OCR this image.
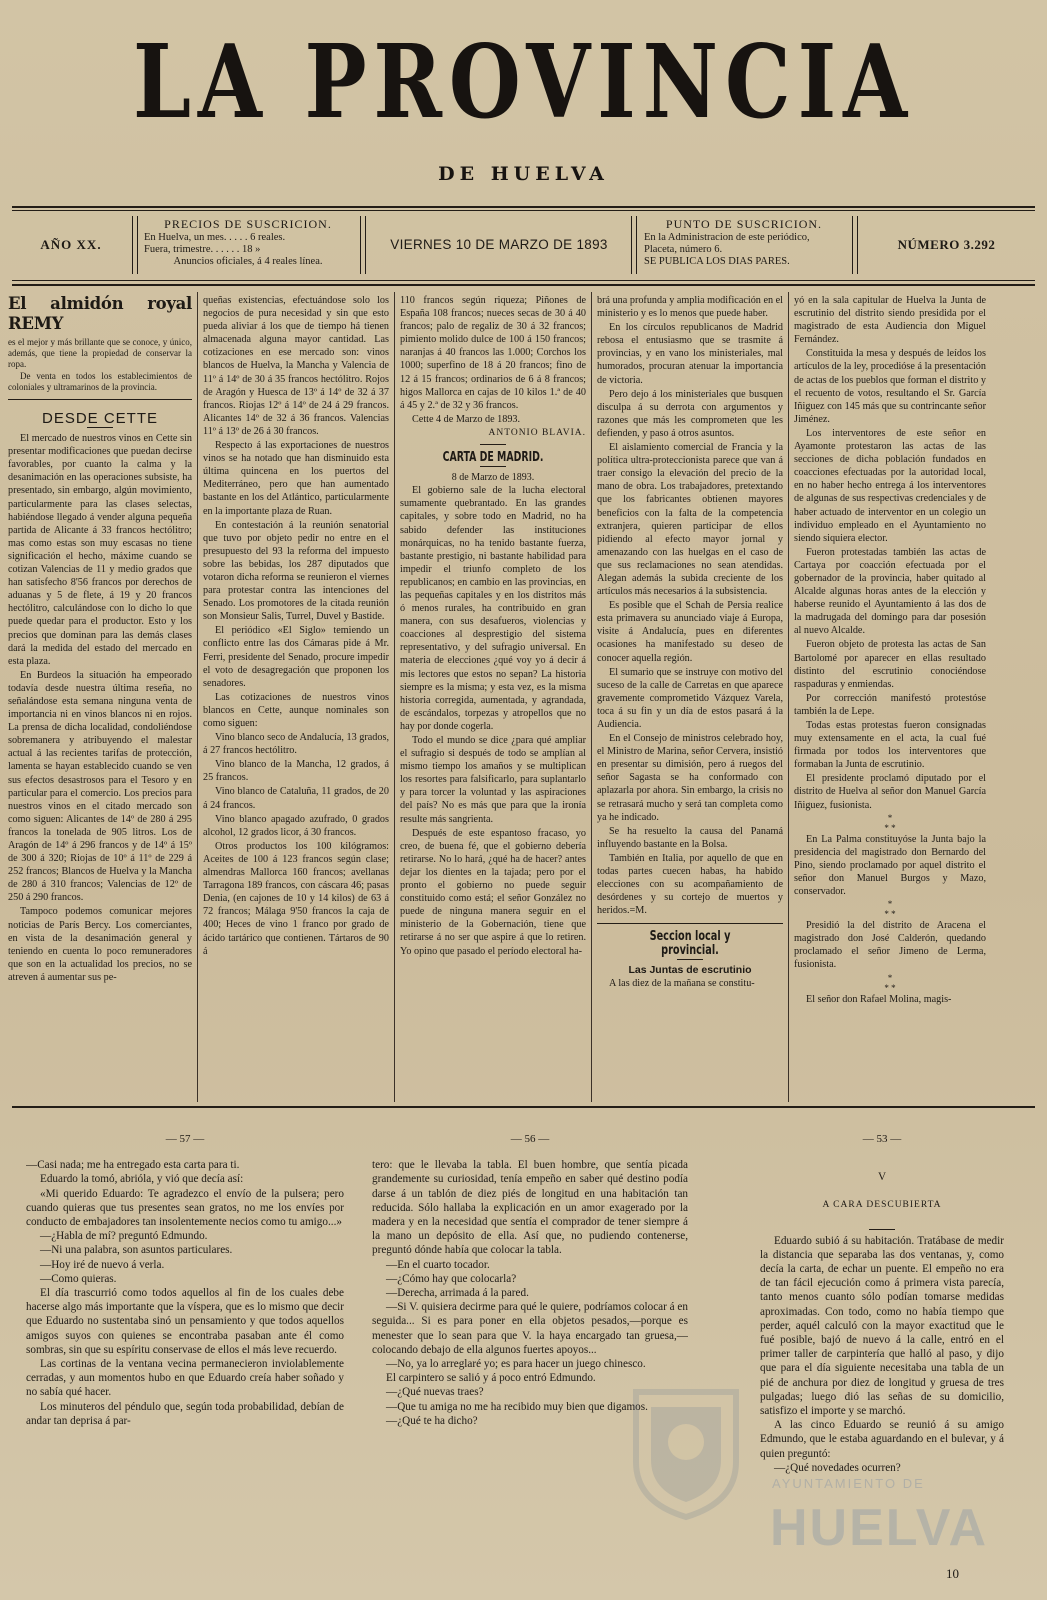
LA PROVINCIA
DE HUELVA
AÑO XX.
PRECIOS DE SUSCRICION.
En Huelva, un mes. . . . . 6 reales.
Fuera, trimestre. . . . . . 18 »
Anuncios oficiales, á 4 reales línea.
VIERNES 10 DE MARZO DE 1893
PUNTO DE SUSCRICION.
En la Administracion de este periódico,
Placeta, número 6.
SE PUBLICA LOS DIAS PARES.
NÚMERO 3.292
El almidón royal REMY

es el mejor y más brillante que se conoce, y único, además, que tiene la propiedad de conservar la ropa.

De venta en todos los establecimientos de coloniales y ultramarinos de la provincia.

DESDE CETTE

El mercado de nuestros vinos en Cette sin presentar modificaciones que puedan decirse favorables, por cuanto la calma y la desanimación en las operaciones subsiste, ha presentado, sin embargo, algún movimiento, particularmente para las clases selectas, habiéndose llegado á vender alguna pequeña partida de Alicante á 33 francos hectólitro; mas como estas son muy escasas no tiene significación el hecho, máxime cuando se cotizan Valencias de 11 y medio grados que han satisfecho 8'56 francos por derechos de aduanas y 5 de flete, á 19 y 20 francos hectólitro, calculándose con lo dicho lo que puede quedar para el productor. Esto y los precios que dominan para las demás clases dará la medida del estado del mercado en esta plaza.

En Burdeos la situación ha empeorado todavía desde nuestra última reseña, no señalándose esta semana ninguna venta de importancia ni en vinos blancos ni en rojos. La prensa de dicha localidad, condoliéndose sobremanera y atribuyendo el malestar actual á las recientes tarifas de protección, lamenta se hayan establecido cuando se ven sus efectos desastrosos para el Tesoro y en particular para el comercio. Los precios para nuestros vinos en el citado mercado son como siguen: Alicantes de 14º de 280 á 295 francos la tonelada de 905 litros. Los de Aragón de 14º á 296 francos y de 14º á 15º de 300 á 320; Riojas de 10º á 11º de 229 á 252 francos; Blancos de Huelva y la Mancha de 280 á 310 francos; Valencias de 12º de 250 á 290 francos.

Tampoco podemos comunicar mejores noticias de París Bercy. Los comerciantes, en vista de la desanimación general y teniendo en cuenta lo poco remuneradores que son en la actualidad los precios, no se atreven á aumentar sus pe-

queñas existencias, efectuándose solo los negocios de pura necesidad y sin que esto pueda aliviar á los que de tiempo há tienen almacenada alguna mayor cantidad. Las cotizaciones en ese mercado son: vinos blancos de Huelva, la Mancha y Valencia de 11º á 14º de 30 á 35 francos hectólitro. Rojos de Aragón y Huesca de 13º á 14º de 32 á 37 francos. Riojas 12º á 14º de 24 á 29 francos. Alicantes 14º de 32 á 36 francos. Valencias 11º á 13º de 26 á 30 francos.

Respecto á las exportaciones de nuestros vinos se ha notado que han disminuido esta última quincena en los puertos del Mediterráneo, pero que han aumentado bastante en los del Atlántico, particularmente en la importante plaza de Ruan.

En contestación á la reunión senatorial que tuvo por objeto pedir no entre en el presupuesto del 93 la reforma del impuesto sobre las bebidas, los 287 diputados que votaron dicha reforma se reunieron el viernes para protestar contra las intenciones del Senado. Los promotores de la citada reunión son Monsieur Salis, Turrel, Duvel y Bastide.

El periódico «El Siglo» temiendo un conflicto entre las dos Cámaras pide á Mr. Ferri, presidente del Senado, procure impedir el voto de desagregación que proponen los senadores.

Las cotizaciones de nuestros vinos blancos en Cette, aunque nominales son como siguen:

Vino blanco seco de Andalucía, 13 grados, á 27 francos hectólitro.

Vino blanco de la Mancha, 12 grados, á 25 francos.

Vino blanco de Cataluña, 11 grados, de 20 á 24 francos.

Vino blanco apagado azufrado, 0 grados alcohol, 12 grados licor, á 30 francos.

Otros productos los 100 kilógramos: Aceites de 100 á 123 francos según clase; almendras Mallorca 160 francos; avellanas Tarragona 189 francos, con cáscara 46; pasas Denia, (en cajones de 10 y 14 kilos) de 63 á 72 francos; Málaga 9'50 francos la caja de 400; Heces de vino 1 franco por grado de ácido tartárico que contienen. Tártaros de 90 á

110 francos según riqueza; Piñones de España 108 francos; nueces secas de 30 á 40 francos; palo de regaliz de 30 á 32 francos; pimiento molido dulce de 100 á 150 francos; naranjas á 40 francos las 1.000; Corchos los 1000; superfino de 18 á 20 francos; fino de 12 á 15 francos; ordinarios de 6 á 8 francos; higos Mallorca en cajas de 10 kilos 1.ª de 40 á 45 y 2.ª de 32 y 36 francos.

Cette 4 de Marzo de 1893.

ANTONIO BLAVIA.
CARTA DE MADRID.
8 de Marzo de 1893.

El gobierno sale de la lucha electoral sumamente quebrantado. En las grandes capitales, y sobre todo en Madrid, no ha sabido defender las instituciones monárquicas, no ha tenido bastante fuerza, bastante prestigio, ni bastante habilidad para impedir el triunfo completo de los republicanos; en cambio en las provincias, en las pequeñas capitales y en los distritos más ó menos rurales, ha contribuido en gran manera, con sus desafueros, violencias y coacciones al desprestigio del sistema representativo, y del sufragio universal. En materia de elecciones ¿qué voy yo á decir á mis lectores que estos no sepan? La historia siempre es la misma; y esta vez, es la misma historia corregida, aumentada, y agrandada, de escándalos, torpezas y atropellos que no hay por donde cogerla.

Todo el mundo se dice ¿para qué ampliar el sufragio si después de todo se amplían al mismo tiempo los amaños y se multiplican los resortes para falsificarlo, para suplantarlo y para torcer la voluntad y las aspiraciones del país? No es más que para que la ironía resulte más sangrienta.

Después de este espantoso fracaso, yo creo, de buena fé, que el gobierno debería retirarse. No lo hará, ¿qué ha de hacer? antes dejar los dientes en la tajada; pero por el pronto el gobierno no puede seguir constituido como está; el señor González no puede de ninguna manera seguir en el ministerio de la Gobernación, tiene que retirarse á no ser que aspire á que lo retiren. Yo opino que pasado el período electoral ha-

brá una profunda y amplia modificación en el ministerio y es lo menos que puede haber.

En los círculos republicanos de Madrid rebosa el entusiasmo que se trasmite á provincias, y en vano los ministeriales, mal humorados, procuran atenuar la importancia de victoria.

Pero dejo á los ministeriales que busquen disculpa á su derrota con argumentos y razones que más les comprometen que les defienden, y paso á otros asuntos.

El aislamiento comercial de Francia y la política ultra-proteccionista parece que van á traer consigo la elevación del precio de la mano de obra. Los trabajadores, pretextando que los fabricantes obtienen mayores beneficios con la falta de la competencia extranjera, quieren participar de ellos pidiendo al efecto mayor jornal y amenazando con las huelgas en el caso de que sus reclamaciones no sean atendidas. Alegan además la subida creciente de los artículos más necesarios á la subsistencia.

Es posible que el Schah de Persia realice esta primavera su anunciado viaje á Europa, visite á Andalucía, pues en diferentes ocasiones ha manifestado su deseo de conocer aquella región.

El sumario que se instruye con motivo del suceso de la calle de Carretas en que aparece gravemente comprometido Vázquez Varela, toca á su fin y un día de estos pasará á la Audiencia.

En el Consejo de ministros celebrado hoy, el Ministro de Marina, señor Cervera, insistió en presentar su dimisión, pero á ruegos del señor Sagasta se ha conformado con aplazarla por ahora. Sin embargo, la crisis no se retrasará mucho y será tan completa como ya he indicado.

Se ha resuelto la causa del Panamá influyendo bastante en la Bolsa.

También en Italia, por aquello de que en todas partes cuecen habas, ha habido elecciones con su acompañamiento de desórdenes y su cortejo de muertos y heridos.=M.

Seccion local y provincial.
Las Juntas de escrutinio

A las diez de la mañana se constitu-

yó en la sala capitular de Huelva la Junta de escrutinio del distrito siendo presidida por el magistrado de esta Audiencia don Miguel Fernández.

Constituida la mesa y después de leídos los artículos de la ley, procedióse á la presentación de actas de los pueblos que forman el distrito y el recuento de votos, resultando el Sr. García Iñiguez con 145 más que su contrincante señor Jiménez.

Los interventores de este señor en Ayamonte protestaron las actas de las secciones de dicha población fundados en coacciones efectuadas por la autoridad local, en no haber hecho entrega á los interventores de algunas de sus respectivas credenciales y de haber actuado de interventor en un colegio un individuo empleado en el Ayuntamiento no siendo siquiera elector.

Fueron protestadas también las actas de Cartaya por coacción efectuada por el gobernador de la provincia, haber quitado al Alcalde algunas horas antes de la elección y haberse reunido el Ayuntamiento á las dos de la madrugada del domingo para dar posesión al nuevo Alcalde.

Fueron objeto de protesta las actas de San Bartolomé por aparecer en ellas resultado distinto del escrutinio conociéndose raspaduras y enmiendas.

Por corrección manifestó protestóse también la de Lepe.

Todas estas protestas fueron consignadas muy extensamente en el acta, la cual fué firmada por todos los interventores que formaban la Junta de escrutinio.

El presidente proclamó diputado por el distrito de Huelva al señor don Manuel García Iñiguez, fusionista.

*
* *

En La Palma constituyóse la Junta bajo la presidencia del magistrado don Bernardo del Pino, siendo proclamado por aquel distrito el señor don Manuel Burgos y Mazo, conservador.

*
* *

Presidió la del distrito de Aracena el magistrado don José Calderón, quedando proclamado el señor Jimeno de Lerma, fusionista.

*
* *

El señor don Rafael Molina, magis-

— 57 —

—Casi nada; me ha entregado esta carta para ti.

Eduardo la tomó, abrióla, y vió que decía así:

«Mi querido Eduardo: Te agradezco el envío de la pulsera; pero cuando quieras que tus presentes sean gratos, no me los envíes por conducto de embajadores tan insolentemente necios como tu amigo...»

—¿Habla de mí? preguntó Edmundo.

—Ni una palabra, son asuntos particulares.

—Hoy iré de nuevo á verla.

—Como quieras.

El día trascurrió como todos aquellos al fin de los cuales debe hacerse algo más importante que la víspera, que es lo mismo que decir que Eduardo no sustentaba sinó un pensamiento y que todos aquellos amigos suyos con quienes se encontraba pasaban ante él como sombras, sin que su espíritu conservase de ellos el más leve recuerdo.

Las cortinas de la ventana vecina permanecieron inviolablemente cerradas, y aun momentos hubo en que Eduardo creía haber soñado y no sabía qué hacer.

Los minuteros del péndulo que, según toda probabilidad, debían de andar tan deprisa á par-

— 56 —

tero: que le llevaba la tabla. El buen hombre, que sentía picada grandemente su curiosidad, tenía empeño en saber qué destino podía darse á un tablón de diez piés de longitud en una habitación tan reducida. Sólo hallaba la explicación en un amor exagerado por la madera y en la necesidad que sentía el comprador de tener siempre á la mano un depósito de ella. Así que, no pudiendo contenerse, preguntó dónde había que colocar la tabla.

—En el cuarto tocador.

—¿Cómo hay que colocarla?

—Derecha, arrimada á la pared.

—Si V. quisiera decirme para qué le quiere, podríamos colocar á en seguida... Si es para poner en ella objetos pesados,—porque es menester que lo sean para que V. la haya encargado tan gruesa,—colocando debajo de ella algunos fuertes apoyos...

—No, ya lo arreglaré yo; es para hacer un juego chinesco.

El carpintero se salió y á poco entró Edmundo.

—¿Qué nuevas traes?

—Que tu amiga no me ha recibido muy bien que digamos.

—¿Qué te ha dicho?

— 53 —
V
A CARA DESCUBIERTA

Eduardo subió á su habitación. Tratábase de medir la distancia que separaba las dos ventanas, y, como decía la carta, de echar un puente. El empeño no era de tan fácil ejecución como á primera vista parecía, tanto menos cuanto sólo podían tomarse medidas aproximadas. Con todo, como no había tiempo que perder, aquél calculó con la mayor exactitud que le fué posible, bajó de nuevo á la calle, entró en el primer taller de carpintería que halló al paso, y dijo que para el día siguiente necesitaba una tabla de un pié de anchura por diez de longitud y gruesa de tres pulgadas; luego dió las señas de su domicilio, satisfizo el importe y se marchó.

A las cinco Eduardo se reunió á su amigo Edmundo, que le estaba aguardando en el bulevar, y á quien preguntó:

—¿Qué novedades ocurren?

AYUNTAMIENTO DE
HUELVA
10
